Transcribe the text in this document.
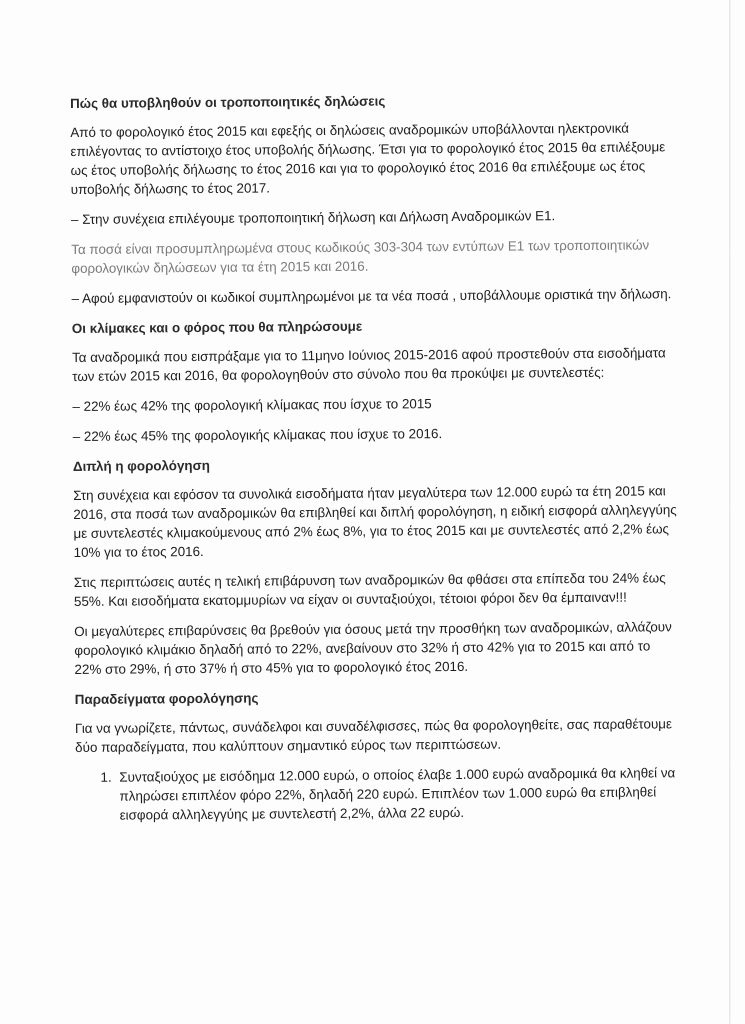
Πώς θα υποβληθούν οι τροποποιητικές δηλώσεις

Από το φορολογικό έτος 2015 και εφεξής οι δηλώσεις αναδρομικών υποβάλλονται ηλεκτρονικά επιλέγοντας το αντίστοιχο έτος υποβολής δήλωσης. Έτσι για το φορολογικό έτος 2015 θα επιλέξουμε ως έτος υποβολής δήλωσης το έτος 2016 και για το φορολογικό έτος 2016 θα επιλέξουμε ως έτος υποβολής δήλωσης το έτος 2017.

– Στην συνέχεια επιλέγουμε τροποποιητική δήλωση και Δήλωση Αναδρομικών Ε1.

Τα ποσά είναι προσυμπληρωμένα στους κωδικούς 303-304 των εντύπων Ε1 των τροποποιητικών φορολογικών δηλώσεων για τα έτη 2015 και 2016.

– Αφού εμφανιστούν οι κωδικοί συμπληρωμένοι με τα νέα ποσά , υποβάλλουμε οριστικά την δήλωση.

Οι κλίμακες και ο φόρος που θα πληρώσουμε

Τα αναδρομικά που εισπράξαμε για το 11μηνο Ιούνιος 2015-2016 αφού προστεθούν στα εισοδήματα των ετών 2015 και 2016, θα φορολογηθούν στο σύνολο που θα προκύψει με συντελεστές:

– 22% έως 42% της φορολογική κλίμακας που ίσχυε το 2015

– 22% έως 45% της φορολογικής κλίμακας που ίσχυε το 2016.

Διπλή η φορολόγηση

Στη συνέχεια και εφόσον τα συνολικά εισοδήματα ήταν μεγαλύτερα των 12.000 ευρώ τα έτη 2015 και 2016, στα ποσά των αναδρομικών θα επιβληθεί και διπλή φορολόγηση, η ειδική εισφορά αλληλεγγύης με συντελεστές κλιμακούμενους από 2% έως 8%, για το έτος 2015 και με συντελεστές από 2,2% έως 10% για το έτος 2016.

Στις περιπτώσεις αυτές η τελική επιβάρυνση των αναδρομικών θα φθάσει στα επίπεδα του 24% έως 55%. Και εισοδήματα εκατομμυρίων να είχαν οι συνταξιούχοι, τέτοιοι φόροι δεν θα έμπαιναν!!!

Οι μεγαλύτερες επιβαρύνσεις θα βρεθούν για όσους μετά την προσθήκη των αναδρομικών, αλλάζουν φορολογικό κλιμάκιο δηλαδή από το 22%, ανεβαίνουν στο 32% ή στο 42% για το 2015 και από το 22% στο 29%, ή στο 37% ή στο 45% για το φορολογικό έτος 2016.

Παραδείγματα φορολόγησης

Για να γνωρίζετε, πάντως, συνάδελφοι και συναδέλφισσες, πώς θα φορολογηθείτε, σας παραθέτουμε δύο παραδείγματα, που καλύπτουν σημαντικό εύρος των περιπτώσεων.

1. Συνταξιούχος με εισόδημα 12.000 ευρώ, ο οποίος έλαβε 1.000 ευρώ αναδρομικά θα κληθεί να πληρώσει επιπλέον φόρο 22%, δηλαδή 220 ευρώ. Επιπλέον των 1.000 ευρώ θα επιβληθεί εισφορά αλληλεγγύης με συντελεστή 2,2%, άλλα 22 ευρώ.
